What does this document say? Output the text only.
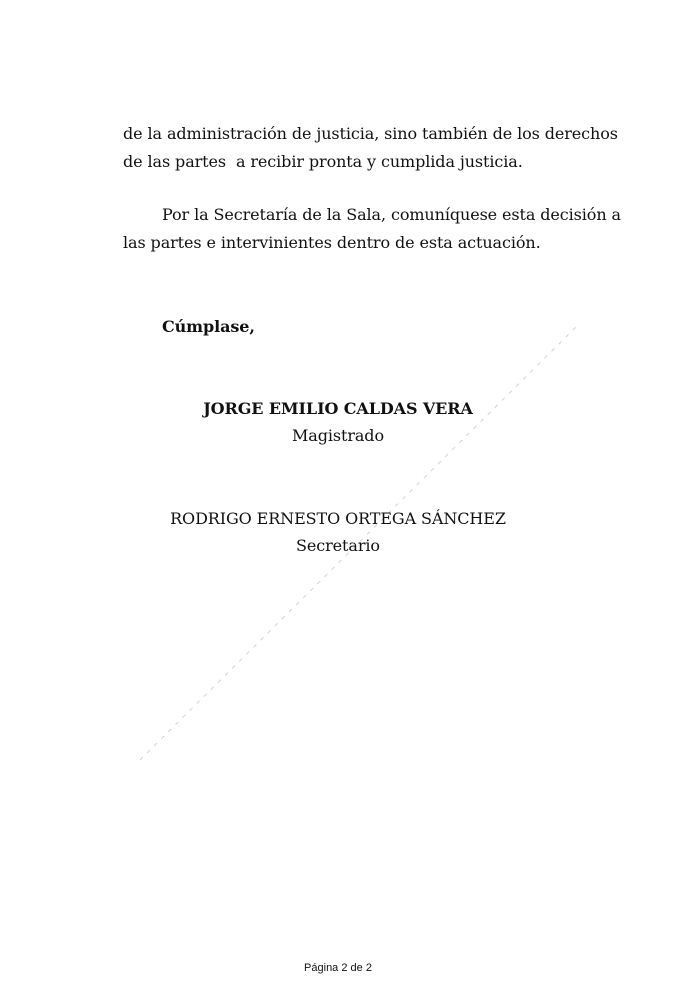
de la administración de justicia, sino también de los derechos
de las partes  a recibir pronta y cumplida justicia.
Por la Secretaría de la Sala, comuníquese esta decisión a
las partes e intervinientes dentro de esta actuación.
Cúmplase,
JORGE EMILIO CALDAS VERA
Magistrado
RODRIGO ERNESTO ORTEGA SÁNCHEZ
Secretario
Página 2 de 2
